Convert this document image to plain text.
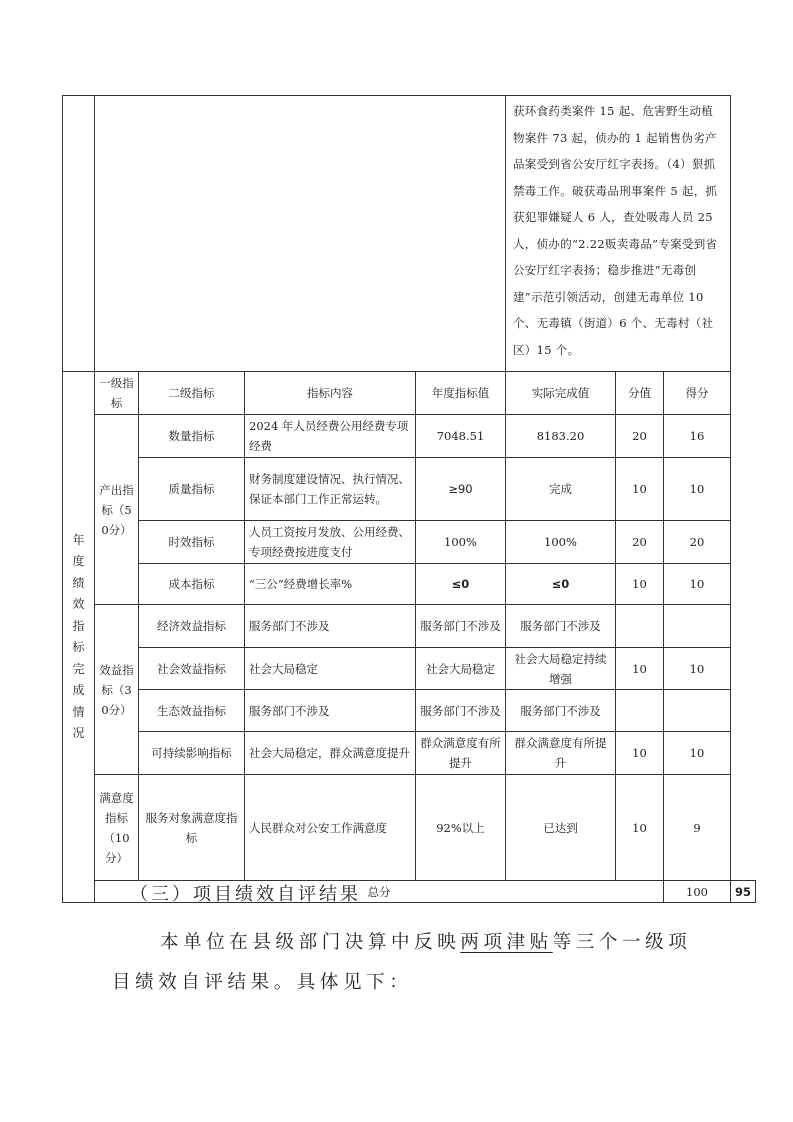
					获环食药类案件 15 起、危害野生动植物案件 73 起，侦办的 1 起销售伪劣产品案受到省公安厅红字表扬。（4）狠抓禁毒工作。破获毒品刑事案件 5 起，抓获犯罪嫌疑人 6 人，查处吸毒人员 25 人，侦办的“2.22贩卖毒品”专案受到省公安厅红字表扬；稳步推进“无毒创建”示范引领活动，创建无毒单位 10 个、无毒镇（街道）6 个、无毒村（社区）15 个。			

年度绩效指标完成情况	一级指标	二级指标	指标内容	年度指标值	实际完成值	分值	得分	
	产出指标（50分）	数量指标	2024 年人员经费公用经费专项经费	7048.51	8183.20	20	16	
		质量指标	财务制度建设情况、执行情况、保证本部门工作正常运转。	≥90	完成	10	10	
		时效指标	人员工资按月发放、公用经费、专项经费按进度支付	100%	100%	20	20	
		成本指标	“三公”经费增长率%	≤0	≤0	10	10	
	效益指标（30分）	经济效益指标	服务部门不涉及	服务部门不涉及	服务部门不涉及			
		社会效益指标	社会大局稳定	社会大局稳定	社会大局稳定持续增强	10	10	
		生态效益指标	服务部门不涉及	服务部门不涉及	服务部门不涉及			
		可持续影响指标	社会大局稳定，群众满意度提升	群众满意度有所提升	群众满意度有所提升	10	10	
	满意度指标（10分）	服务对象满意度指标	人民群众对公安工作满意度	92%以上	已达到	10	9	
	总分						100	95
（三）项目绩效自评结果
本单位在县级部门决算中反映两项津贴等三个一级项目绩效自评结果。具体见下：
